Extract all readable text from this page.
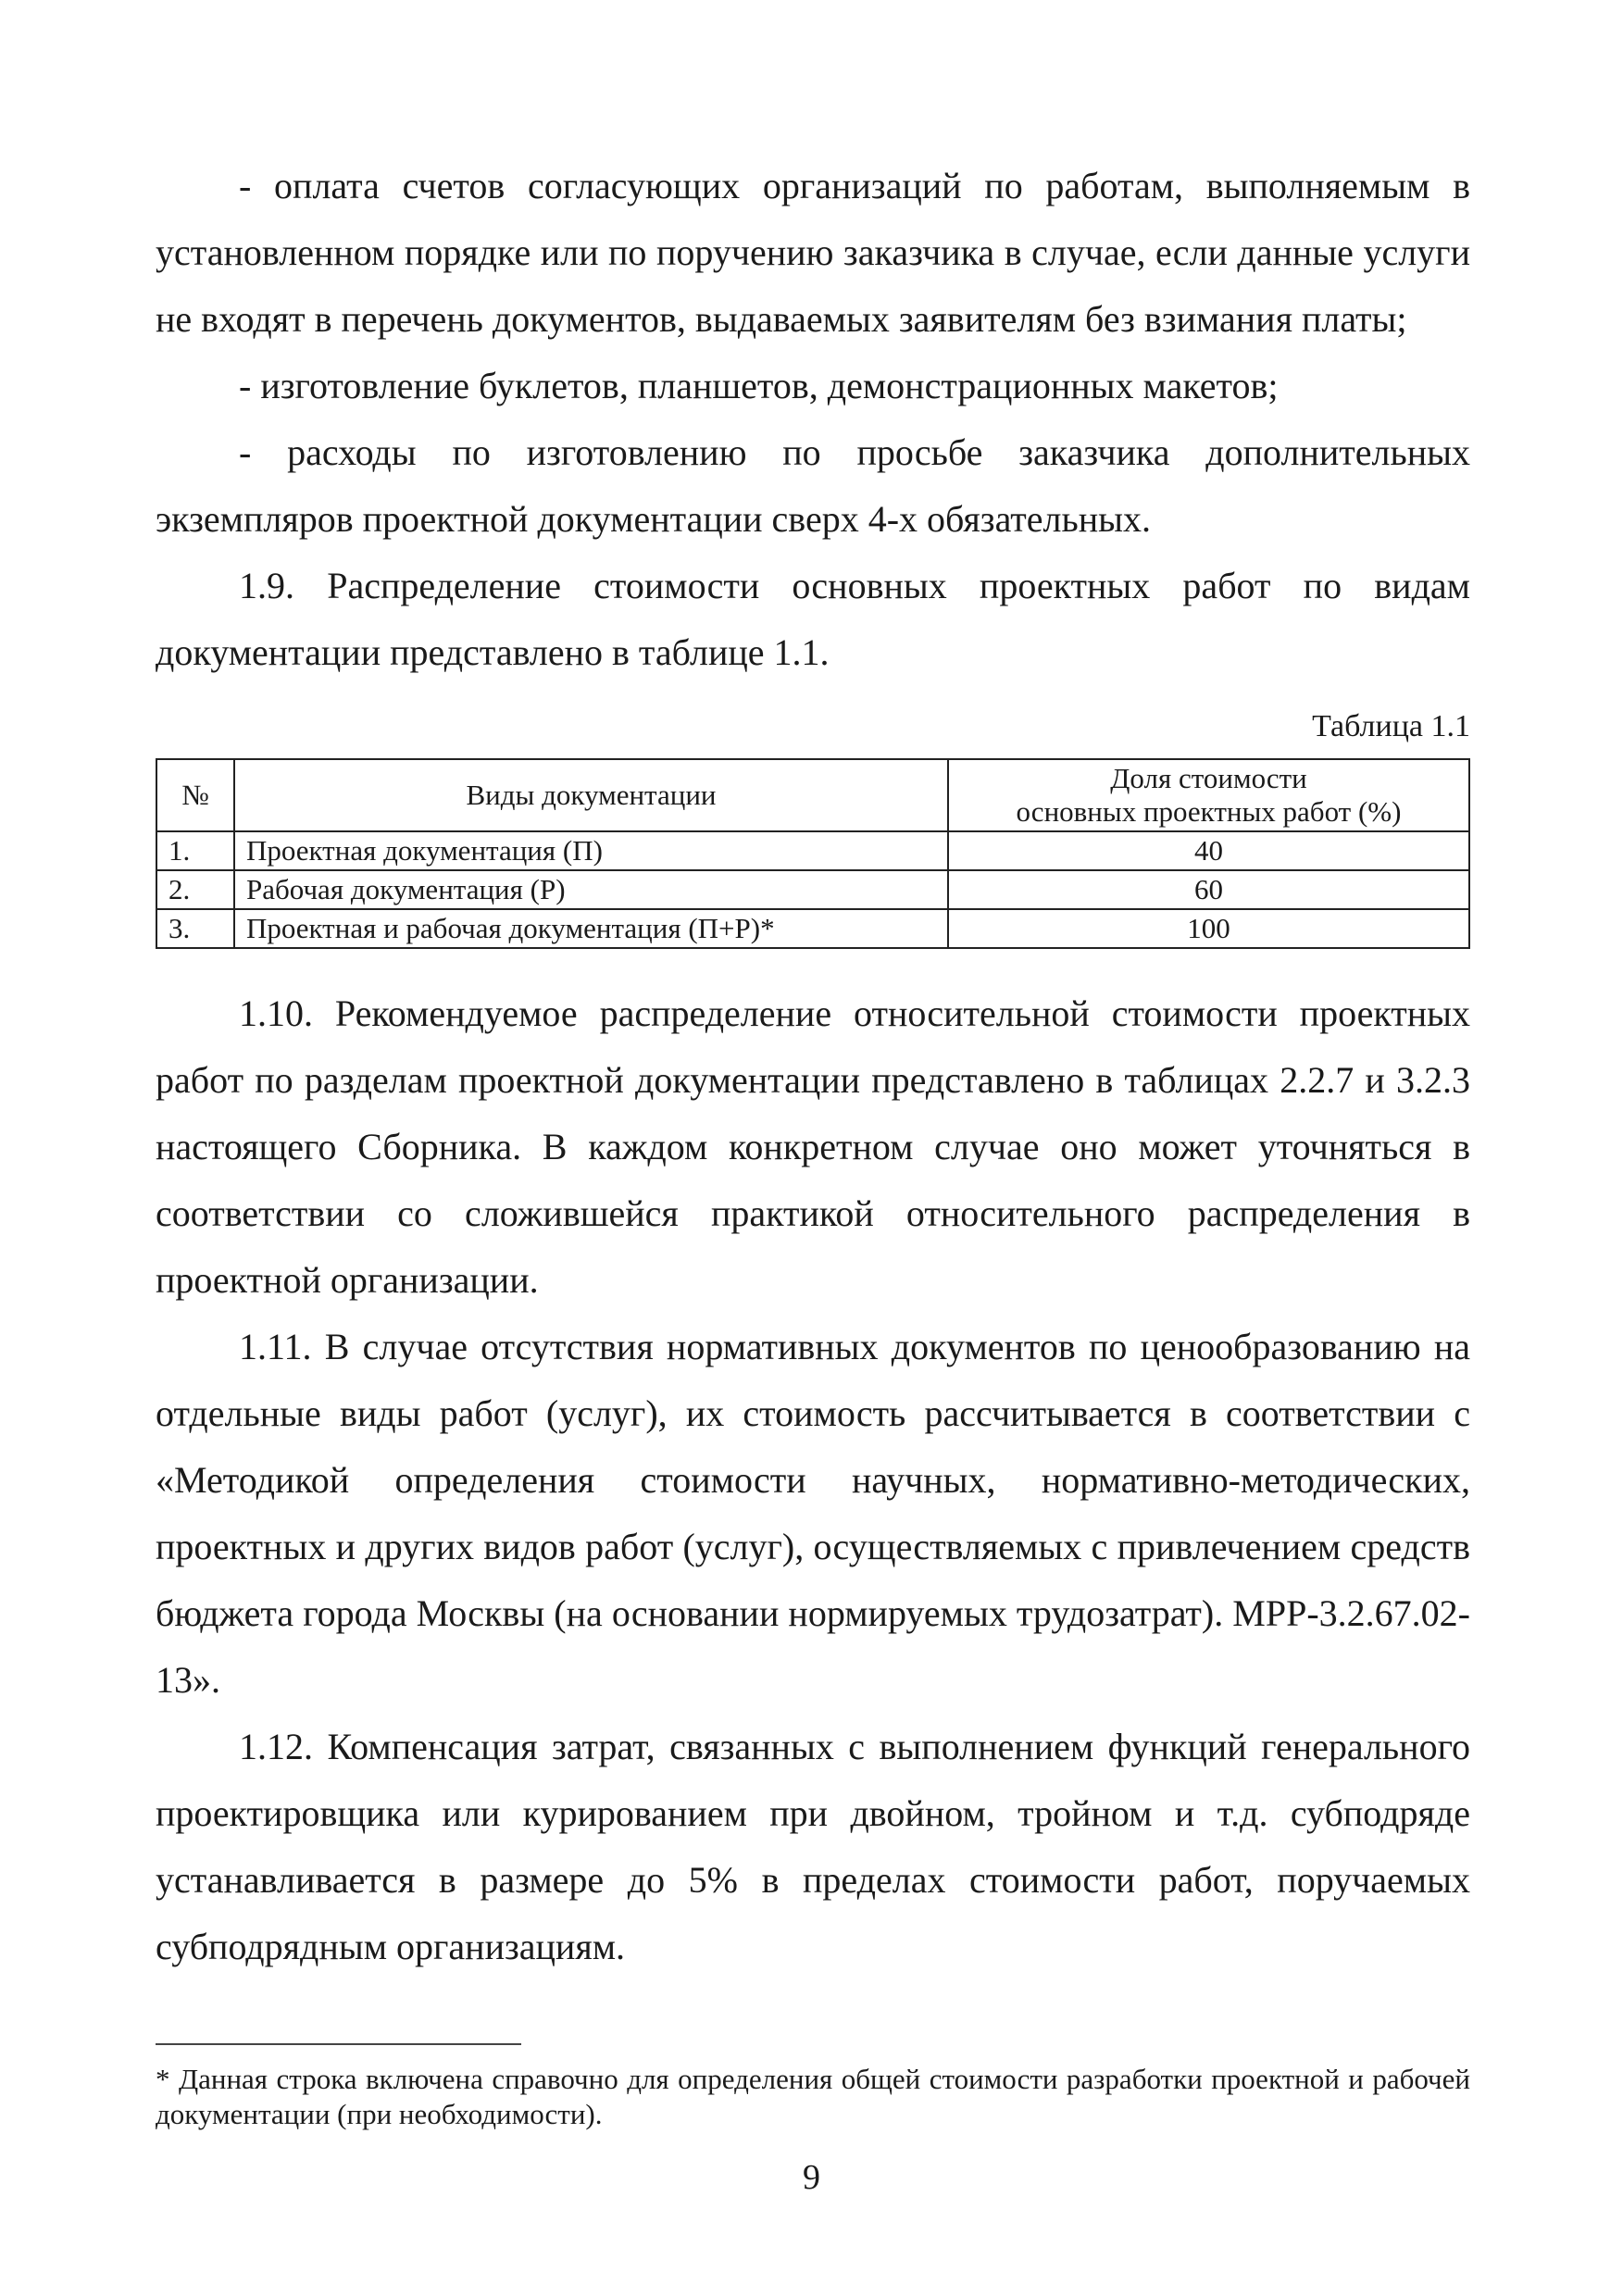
- оплата счетов согласующих организаций по работам, выполняемым в установленном порядке или по поручению заказчика в случае, если данные услуги не входят в перечень документов, выдаваемых заявителям без взимания платы;

- изготовление буклетов, планшетов, демонстрационных макетов;

- расходы по изготовлению по просьбе заказчика дополнительных экземпляров проектной документации сверх 4-х обязательных.

1.9. Распределение стоимости основных проектных работ по видам документации представлено в таблице 1.1.

Таблица 1.1
№	Виды документации	Доля стоимости
основных проектных работ (%)
1.	Проектная документация (П)	40
2.	Рабочая документация (Р)	60
3.	Проектная и рабочая документация (П+Р)*	100

1.10. Рекомендуемое распределение относительной стоимости проектных работ по разделам проектной документации представлено в таблицах 2.2.7 и 3.2.3 настоящего Сборника. В каждом конкретном случае оно может уточняться в соответствии со сложившейся практикой относительного распределения в проектной организации.

1.11. В случае отсутствия нормативных документов по ценообразованию на отдельные виды работ (услуг), их стоимость рассчитывается в соответствии с «Методикой определения стоимости научных, нормативно-методических, проектных и других видов работ (услуг), осуществляемых с привлечением средств бюджета города Москвы (на основании нормируемых трудозатрат). МРР-3.2.67.02-13».

1.12. Компенсация затрат, связанных с выполнением функций генерального проектировщика или курированием при двойном, тройном и т.д. субподряде устанавливается в размере до 5% в пределах стоимости работ, поручаемых субподрядным организациям.

* Данная строка включена справочно для определения общей стоимости разработки проектной и рабочей документации (при необходимости).

9
